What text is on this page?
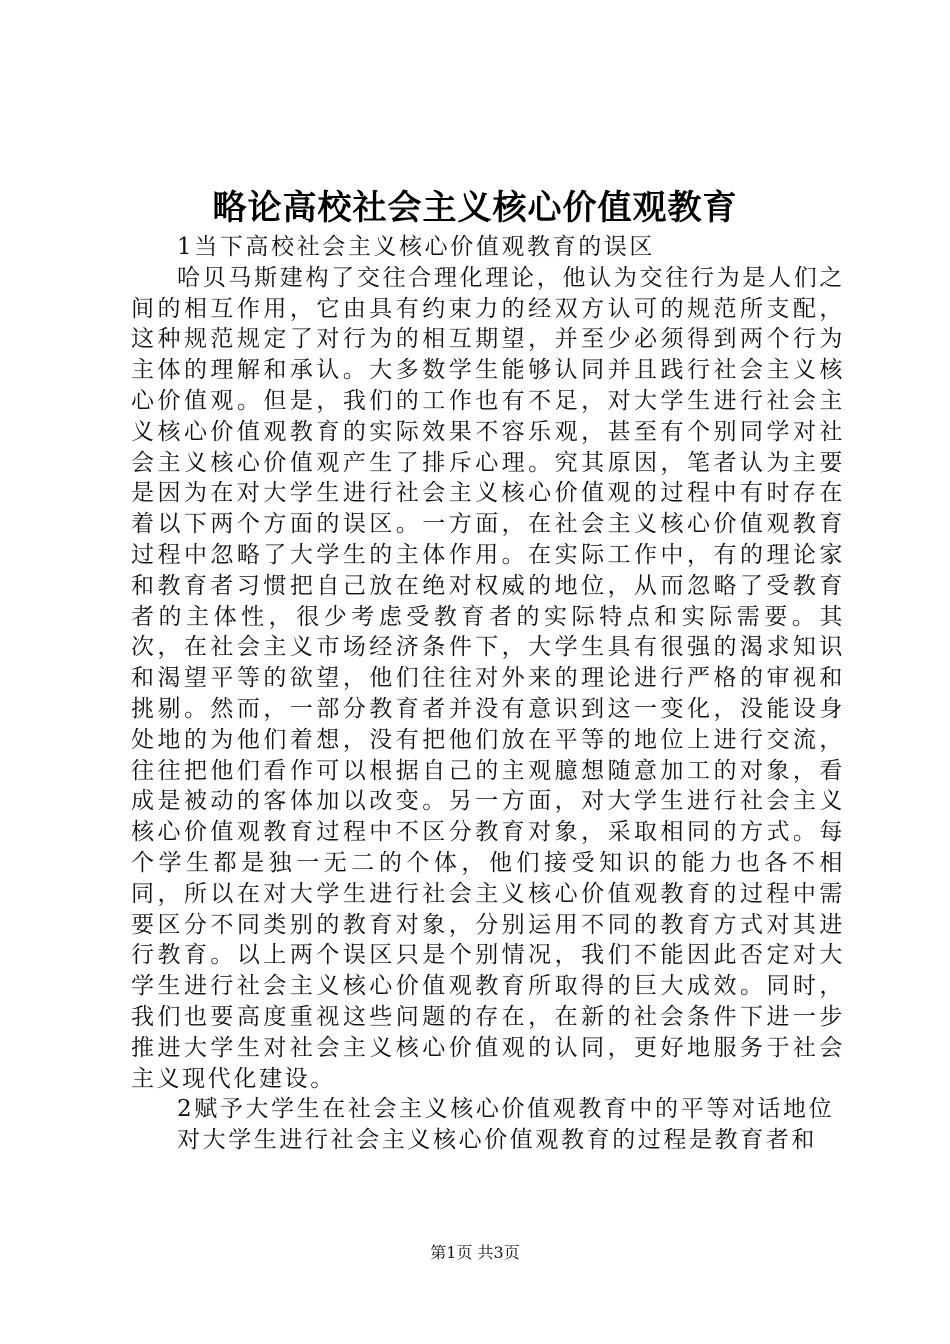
略论高校社会主义核心价值观教育

1当下高校社会主义核心价值观教育的误区

哈贝马斯建构了交往合理化理论，他认为交往行为是人们之间的相互作用，它由具有约束力的经双方认可的规范所支配，这种规范规定了对行为的相互期望，并至少必须得到两个行为主体的理解和承认。大多数学生能够认同并且践行社会主义核心价值观。但是，我们的工作也有不足，对大学生进行社会主义核心价值观教育的实际效果不容乐观，甚至有个别同学对社会主义核心价值观产生了排斥心理。究其原因，笔者认为主要是因为在对大学生进行社会主义核心价值观的过程中有时存在着以下两个方面的误区。一方面，在社会主义核心价值观教育过程中忽略了大学生的主体作用。在实际工作中，有的理论家和教育者习惯把自己放在绝对权威的地位，从而忽略了受教育者的主体性，很少考虑受教育者的实际特点和实际需要。其次，在社会主义市场经济条件下，大学生具有很强的渴求知识和渴望平等的欲望，他们往往对外来的理论进行严格的审视和挑剔。然而，一部分教育者并没有意识到这一变化，没能设身处地的为他们着想，没有把他们放在平等的地位上进行交流，往往把他们看作可以根据自己的主观臆想随意加工的对象，看成是被动的客体加以改变。另一方面，对大学生进行社会主义核心价值观教育过程中不区分教育对象，采取相同的方式。每个学生都是独一无二的个体，他们接受知识的能力也各不相同，所以在对大学生进行社会主义核心价值观教育的过程中需要区分不同类别的教育对象，分别运用不同的教育方式对其进行教育。以上两个误区只是个别情况，我们不能因此否定对大学生进行社会主义核心价值观教育所取得的巨大成效。同时，我们也要高度重视这些问题的存在，在新的社会条件下进一步推进大学生对社会主义核心价值观的认同，更好地服务于社会主义现代化建设。

2赋予大学生在社会主义核心价值观教育中的平等对话地位

对大学生进行社会主义核心价值观教育的过程是教育者和

第1页 共3页
